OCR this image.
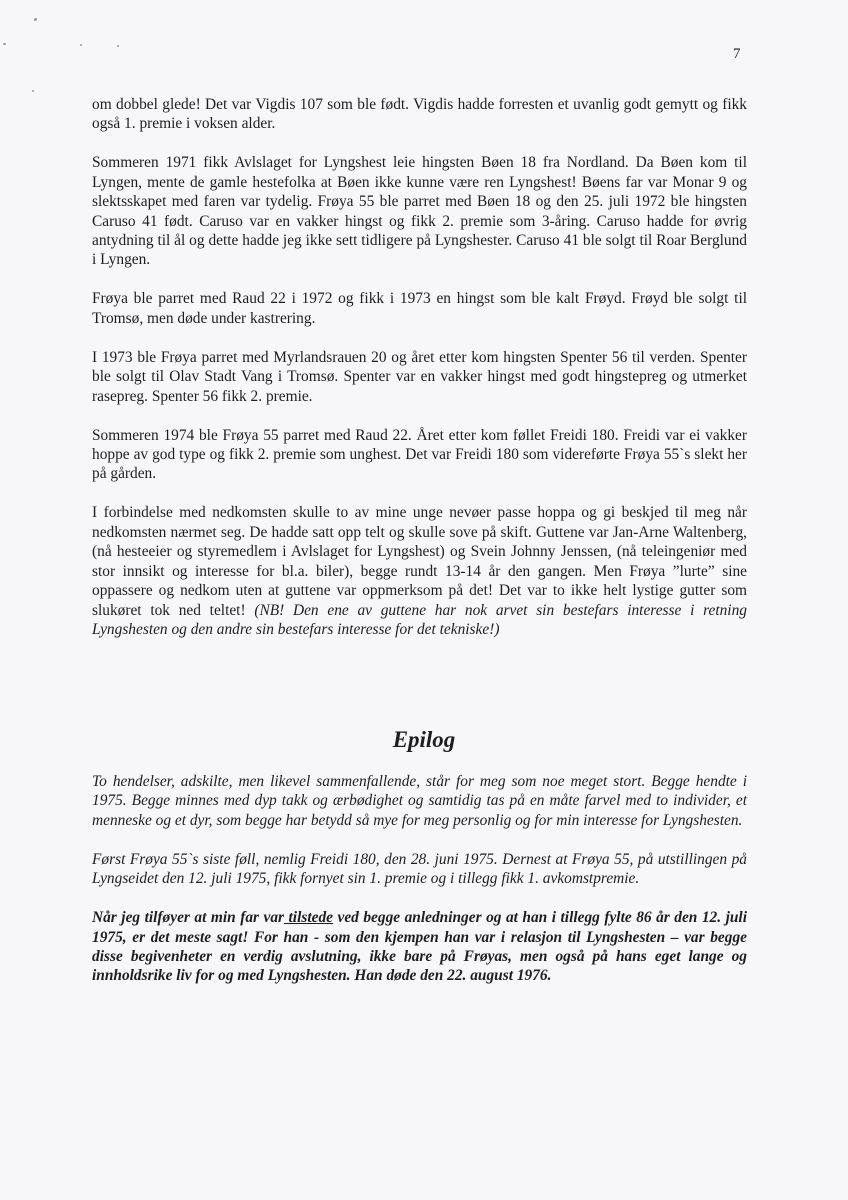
7

om dobbel glede! Det var Vigdis 107 som ble født. Vigdis hadde forresten et uvanlig godt gemytt og fikk også 1. premie i voksen alder.

Sommeren 1971 fikk Avlslaget for Lyngshest leie hingsten Bøen 18 fra Nordland. Da Bøen kom til Lyngen, mente de gamle hestefolka at Bøen ikke kunne være ren Lyngshest! Bøens far var Monar 9 og slektsskapet med faren var tydelig. Frøya 55 ble parret med Bøen 18 og den 25. juli 1972 ble hingsten Caruso 41 født. Caruso var en vakker hingst og fikk 2. premie som 3-åring. Caruso hadde for øvrig antydning til ål og dette hadde jeg ikke sett tidligere på Lyngshester. Caruso 41 ble solgt til Roar Berglund i Lyngen.

Frøya ble parret med Raud 22 i 1972 og fikk i 1973 en hingst som ble kalt Frøyd. Frøyd ble solgt til Tromsø, men døde under kastrering.

I 1973 ble Frøya parret med Myrlandsrauen 20 og året etter kom hingsten Spenter 56 til verden. Spenter ble solgt til Olav Stadt Vang i Tromsø. Spenter var en vakker hingst med godt hingstepreg og utmerket rasepreg. Spenter 56 fikk 2. premie.

Sommeren 1974 ble Frøya 55 parret med Raud 22. Året etter kom føllet Freidi 180. Freidi var ei vakker hoppe av god type og fikk 2. premie som unghest. Det var Freidi 180 som videreførte Frøya 55`s slekt her på gården.

I forbindelse med nedkomsten skulle to av mine unge nevøer passe hoppa og gi beskjed til meg når nedkomsten nærmet seg. De hadde satt opp telt og skulle sove på skift. Guttene var Jan-Arne Waltenberg, (nå hesteeier og styremedlem i Avlslaget for Lyngshest) og Svein Johnny Jenssen, (nå teleingeniør med stor innsikt og interesse for bl.a. biler), begge rundt 13-14 år den gangen. Men Frøya ”lurte” sine oppassere og nedkom uten at guttene var oppmerksom på det! Det var to ikke helt lystige gutter som slukøret tok ned teltet! (NB! Den ene av guttene har nok arvet sin bestefars interesse i retning Lyngshesten og den andre sin bestefars interesse for det tekniske!)

Epilog

To hendelser, adskilte, men likevel sammenfallende, står for meg som noe meget stort. Begge hendte i 1975. Begge minnes med dyp takk og ærbødighet og samtidig tas på en måte farvel med to individer, et menneske og et dyr, som begge har betydd så mye for meg personlig og for min interesse for Lyngshesten.

Først Frøya 55`s siste føll, nemlig Freidi 180, den 28. juni 1975. Dernest at Frøya 55, på utstillingen på Lyngseidet den 12. juli 1975, fikk fornyet sin 1. premie og i tillegg fikk 1. avkomstpremie.

Når jeg tilføyer at min far var tilstede ved begge anledninger og at han i tillegg fylte 86 år den 12. juli 1975, er det meste sagt! For han - som den kjempen han var i relasjon til Lyngshesten – var begge disse begivenheter en verdig avslutning, ikke bare på Frøyas, men også på hans eget lange og innholdsrike liv for og med Lyngshesten. Han døde den 22. august 1976.
